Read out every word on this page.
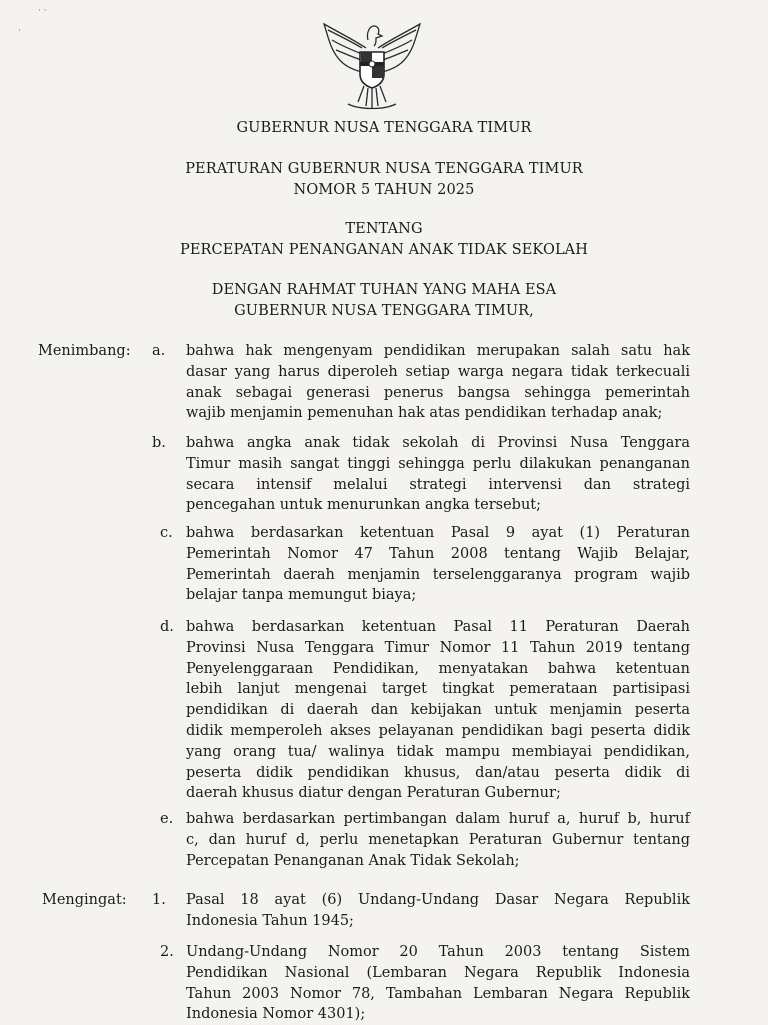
GUBERNUR NUSA TENGGARA TIMUR
PERATURAN GUBERNUR NUSA TENGGARA TIMUR
NOMOR 5 TAHUN 2025
TENTANG
PERCEPATAN PENANGANAN ANAK TIDAK SEKOLAH
DENGAN RAHMAT TUHAN YANG MAHA ESA
GUBERNUR NUSA TENGGARA TIMUR,
Menimbang: a.	bahwa hak mengenyam pendidikan merupakan salah satu hak
dasar yang harus diperoleh setiap warga negara tidak terkecuali
anak sebagai generasi penerus bangsa sehingga pemerintah
wajib menjamin pemenuhan hak atas pendidikan terhadap anak;
b.	bahwa angka anak tidak sekolah di Provinsi Nusa Tenggara
Timur masih sangat tinggi sehingga perlu dilakukan penanganan
secara intensif melalui strategi intervensi dan strategi
pencegahan untuk menurunkan angka tersebut;
c. bahwa berdasarkan ketentuan Pasal 9 ayat (1) Peraturan
Pemerintah Nomor 47 Tahun 2008 tentang Wajib Belajar,
Pemerintah daerah menjamin terselenggaranya program wajib
belajar tanpa memungut biaya;
d. bahwa berdasarkan ketentuan Pasal 11 Peraturan Daerah
Provinsi Nusa Tenggara Timur Nomor 11 Tahun 2019 tentang
Penyelenggaraan Pendidikan, menyatakan bahwa ketentuan
lebih lanjut mengenai target tingkat pemerataan partisipasi
pendidikan di daerah dan kebijakan untuk menjamin peserta
didik memperoleh akses pelayanan pendidikan bagi peserta didik
yang orang tua/ walinya tidak mampu membiayai pendidikan,
peserta didik pendidikan khusus, dan/atau peserta didik di
daerah khusus diatur dengan Peraturan Gubernur;
e. bahwa berdasarkan pertimbangan dalam huruf a, huruf b, huruf
c, dan huruf d, perlu menetapkan Peraturan Gubernur tentang
Percepatan Penanganan Anak Tidak Sekolah;
Mengingat: 1.	Pasal 18 ayat (6) Undang-Undang Dasar Negara Republik
Indonesia Tahun 1945;
2. Undang-Undang Nomor 20 Tahun 2003 tentang Sistem
Pendidikan Nasional (Lembaran Negara Republik Indonesia
Tahun 2003 Nomor 78, Tambahan Lembaran Negara Republik
Indonesia Nomor 4301);
· ·
·
